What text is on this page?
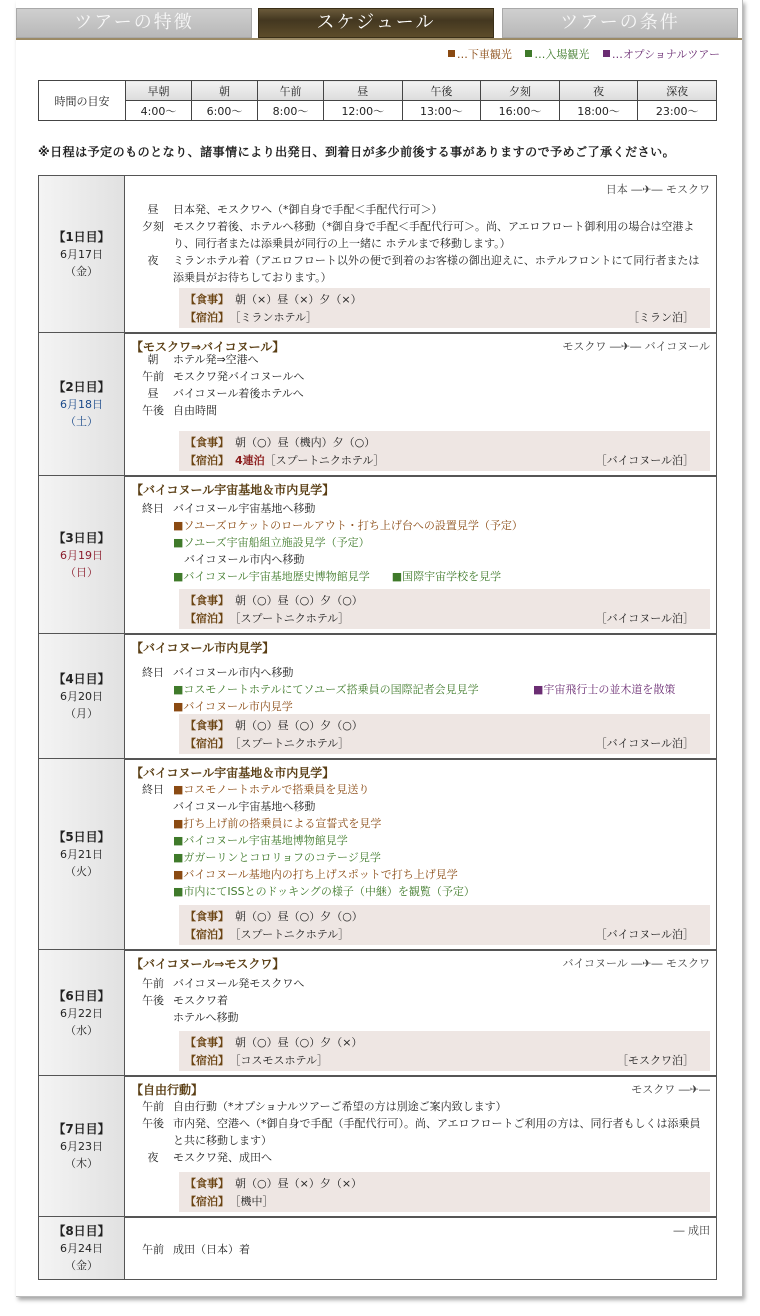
ツアーの特徴	スケジュール	ツアーの条件
…下車観光 …入場観光 …オプショナルツアー
時間の目安	早朝	朝	午前	昼	午後	夕刻	夜	深夜
	4:00〜	6:00〜	8:00〜	12:00〜	13:00〜	16:00〜	18:00〜	23:00〜
※日程は予定のものとなり、諸事情により出発日、到着日が多少前後する事がありますので予めご了承ください。
【1日目】
6月17日
（金）
日本 ―✈― モスクワ
昼 日本発、モスクワへ（*御自身で手配＜手配代行可＞）
夕刻 モスクワ着後、ホテルへ移動（*御自身で手配＜手配代行可＞。尚、アエロフロート御利用の場合は空港より、同行者または添乗員が同行の上一緒に ホテルまで移動します。）
夜 ミランホテル着（アエロフロート以外の便で到着のお客様の御出迎えに、ホテルフロントにて同行者または添乗員がお待ちしております。）
【食事】 朝（×）昼（×）夕（×）
【宿泊】 ［ミランホテル］	［ミラン泊］
【2日目】
6月18日
（土）
【モスクワ⇒バイコヌール】	モスクワ ―✈― バイコヌール
朝 ホテル発⇒空港へ
午前 モスクワ発バイコヌールへ
昼 バイコヌール着後ホテルへ
午後 自由時間
【食事】 朝（○）昼（機内）夕（○）
【宿泊】 4連泊［スプートニクホテル］	［バイコヌール泊］
【3日目】
6月19日
（日）
【バイコヌール宇宙基地＆市内見学】
終日 バイコヌール宇宙基地へ移動
■ソユーズロケットのロールアウト・打ち上げ台への設置見学（予定）
■ソユーズ宇宙船組立施設見学（予定）
　バイコヌール市内へ移動
■バイコヌール宇宙基地歴史博物館見学　　■国際宇宙学校を見学
【食事】 朝（○）昼（○）夕（○）
【宿泊】 ［スプートニクホテル］	［バイコヌール泊］
【4日目】
6月20日
（月）
【バイコヌール市内見学】
終日 バイコヌール市内へ移動
■コスモノートホテルにてソユーズ搭乗員の国際記者会見見学	■宇宙飛行士の並木道を散策
■バイコヌール市内見学
【食事】 朝（○）昼（○）夕（○）
【宿泊】 ［スプートニクホテル］	［バイコヌール泊］
【5日目】
6月21日
（火）
【バイコヌール宇宙基地＆市内見学】
終日 ■コスモノートホテルで搭乗員を見送り
バイコヌール宇宙基地へ移動
■打ち上げ前の搭乗員による宣誓式を見学
■バイコヌール宇宙基地博物館見学
■ガガーリンとコロリョフのコテージ見学
■バイコヌール基地内の打ち上げスポットで打ち上げ見学
■市内にてISSとのドッキングの様子（中継）を観覧（予定）
【食事】 朝（○）昼（○）夕（○）
【宿泊】 ［スプートニクホテル］	［バイコヌール泊］
【6日目】
6月22日
（水）
【バイコヌール⇒モスクワ】	バイコヌール ―✈― モスクワ
午前 バイコヌール発モスクワへ
午後 モスクワ着
ホテルへ移動
【食事】 朝（○）昼（○）夕（×）
【宿泊】 ［コスモスホテル］	［モスクワ泊］
【7日目】
6月23日
（木）
【自由行動】	モスクワ ―✈―
午前 自由行動（*オプショナルツアーご希望の方は別途ご案内致します）
午後 市内発、空港へ（*御自身で手配（手配代行可）。尚、アエロフロートご利用の方は、同行者もしくは添乗員と共に移動します）
夜 モスクワ発、成田へ
【食事】 朝（○）昼（×）夕（×）
【宿泊】 ［機中］
【8日目】
6月24日
（金）
― 成田
午前 成田（日本）着
